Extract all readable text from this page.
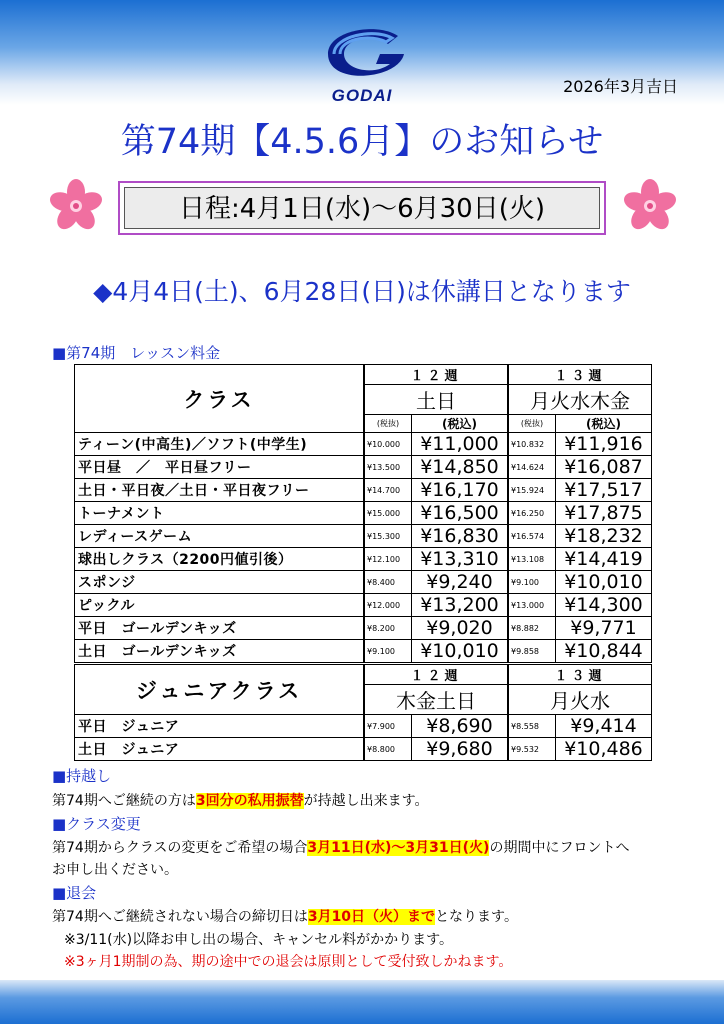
GODAI	2026年3月吉日
第74期【4.5.6月】のお知らせ
日程:4月1日(水)～6月30日(火)
◆4月4日(土)、6月28日(日)は休講日となります
■第74期　レッスン料金
クラス	１２週		１３週	
	土日		月火水木金	
	(税抜)	(税込)	(税抜)	(税込)
ティーン(中高生)／ソフト(中学生)	¥10.000	¥11,000	¥10.832	¥11,916
平日昼　／　平日昼フリー	¥13.500	¥14,850	¥14.624	¥16,087
土日・平日夜／土日・平日夜フリー	¥14.700	¥16,170	¥15.924	¥17,517
トーナメント	¥15.000	¥16,500	¥16.250	¥17,875
レディースゲーム	¥15.300	¥16,830	¥16.574	¥18,232
球出しクラス（2200円値引後）	¥12.100	¥13,310	¥13.108	¥14,419
スポンジ	¥8.400	¥9,240	¥9.100	¥10,010
ピックル	¥12.000	¥13,200	¥13.000	¥14,300
平日　ゴールデンキッズ	¥8.200	¥9,020	¥8.882	¥9,771
土日　ゴールデンキッズ	¥9.100	¥10,010	¥9.858	¥10,844
ジュニアクラス	１２週		１３週	
	木金土日		月火水	
平日　ジュニア	¥7.900	¥8,690	¥8.558	¥9,414
土日　ジュニア	¥8.800	¥9,680	¥9.532	¥10,486
■持越し
第74期へご継続の方は3回分の私用振替が持越し出来ます。
■クラス変更
第74期からクラスの変更をご希望の場合3月11日(水)～3月31日(火)の期間中にフロントへ
お申し出ください。
■退会
第74期へご継続されない場合の締切日は3月10日（火）までとなります。
※3/11(水)以降お申し出の場合、キャンセル料がかかります。
※3ヶ月1期制の為、期の途中での退会は原則として受付致しかねます。
